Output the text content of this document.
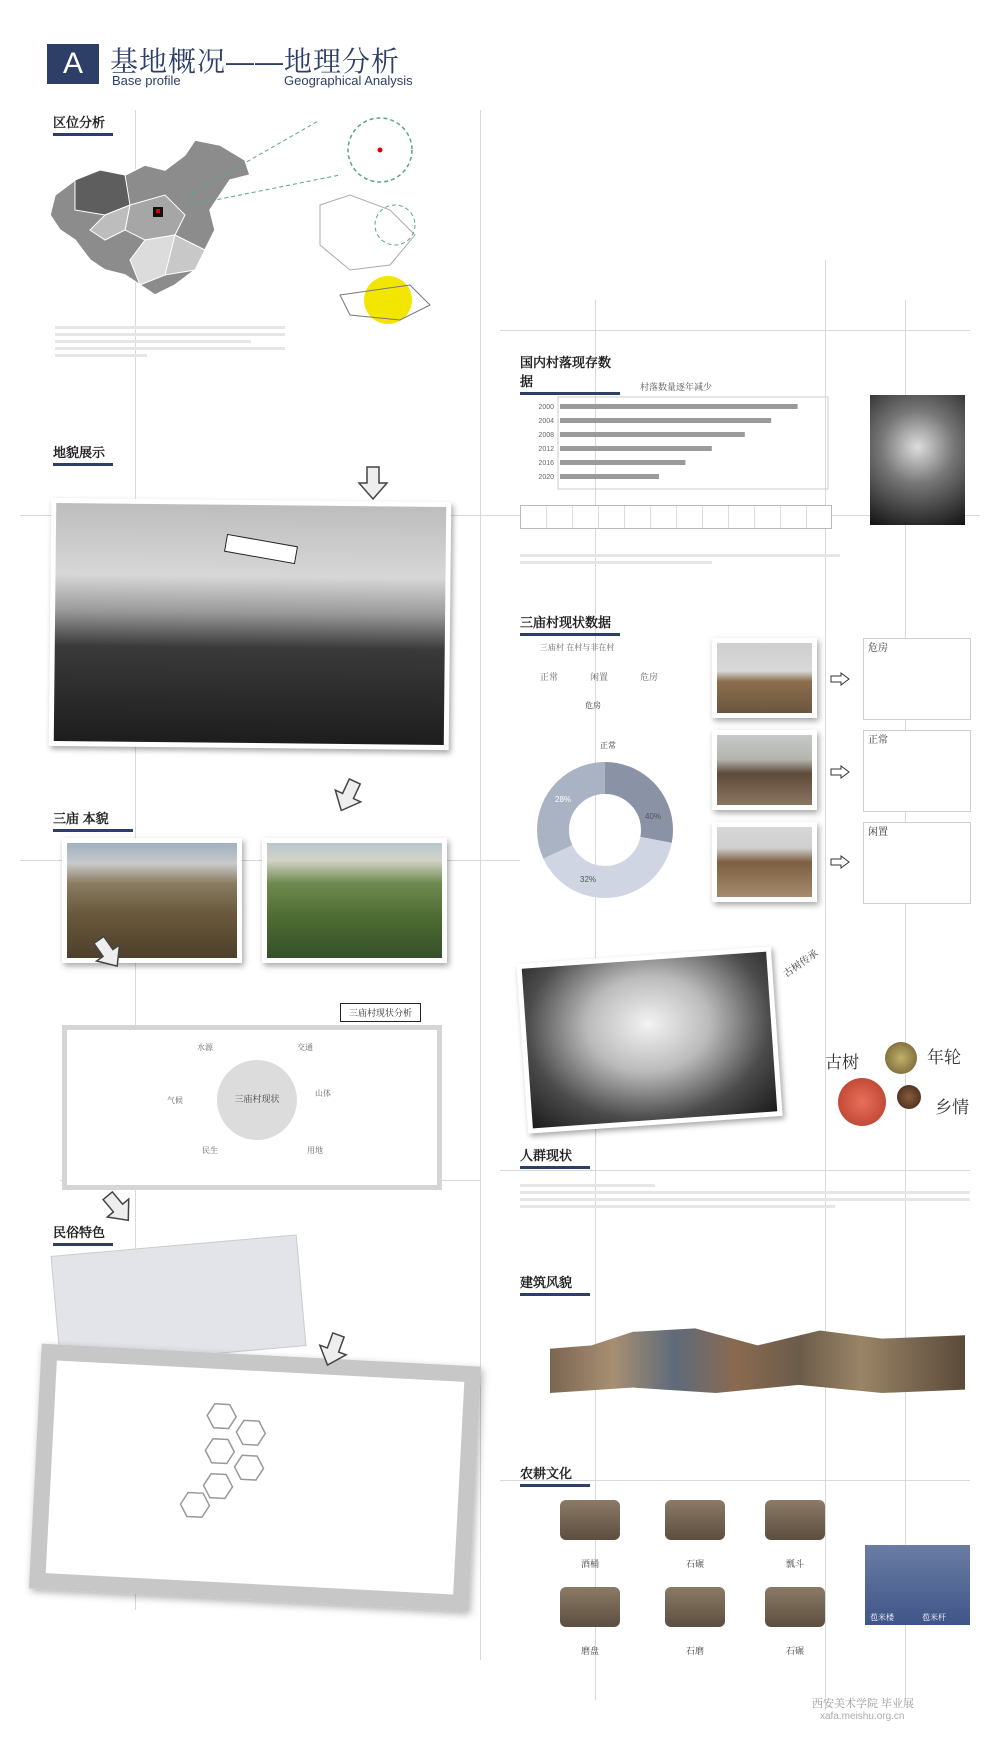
A 基地概况——地理分析
Base profile	Geographical Analysis
区位分析
地貌展示
三庙 本貌
三庙村现状分析
三庙村现状
水源	交通
气候
山体
民生	用地
民俗特色
国内村落现存数据	村落数量逐年减少
2000
2004
2008
2012
2016
2020
三庙村现状数据
三庙村 在村与非在村
正常	闲置	危房
危房
正常
28%
40%
32%
危房
正常
闲置
古树传承
古树	年轮
乡情
人群现状
建筑风貌
农耕文化
酒桶	石碾	瓢斗
磨盘	石磨	石碾
苞米楼	苞米杆
西安美术学院 毕业展
xafa.meishu.org.cn
